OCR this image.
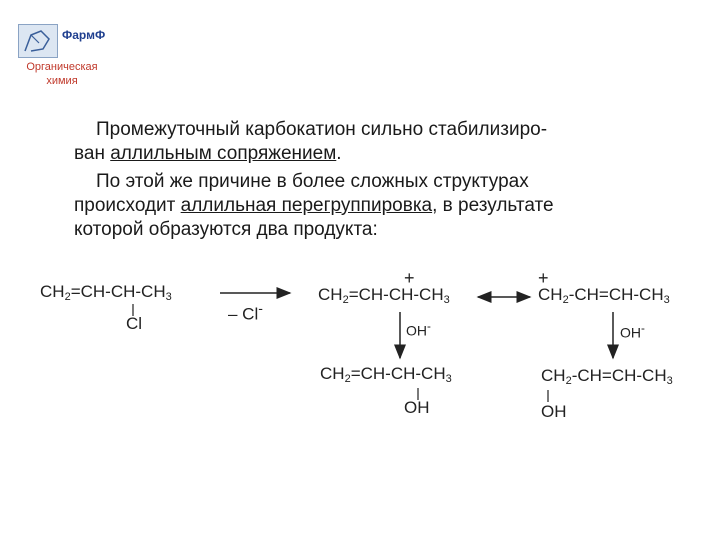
ФармФ
Органическая
химия
Промежуточный карбокатион сильно стабилизиро-
ван аллильным сопряжением.
По этой же причине в более сложных структурах
происходит аллильная перегруппировка, в результате
которой образуются два продукта:
$CH_2=CH-CH-CH_3$
Cl	– Cl-
+
$CH_2=CH-CH-CH_3$
OH-
+
$CH_2-CH=CH-CH_3$
OH-
$CH_2=CH-CH-CH_3$
OH
$CH_2-CH=CH-CH_3$
OH
